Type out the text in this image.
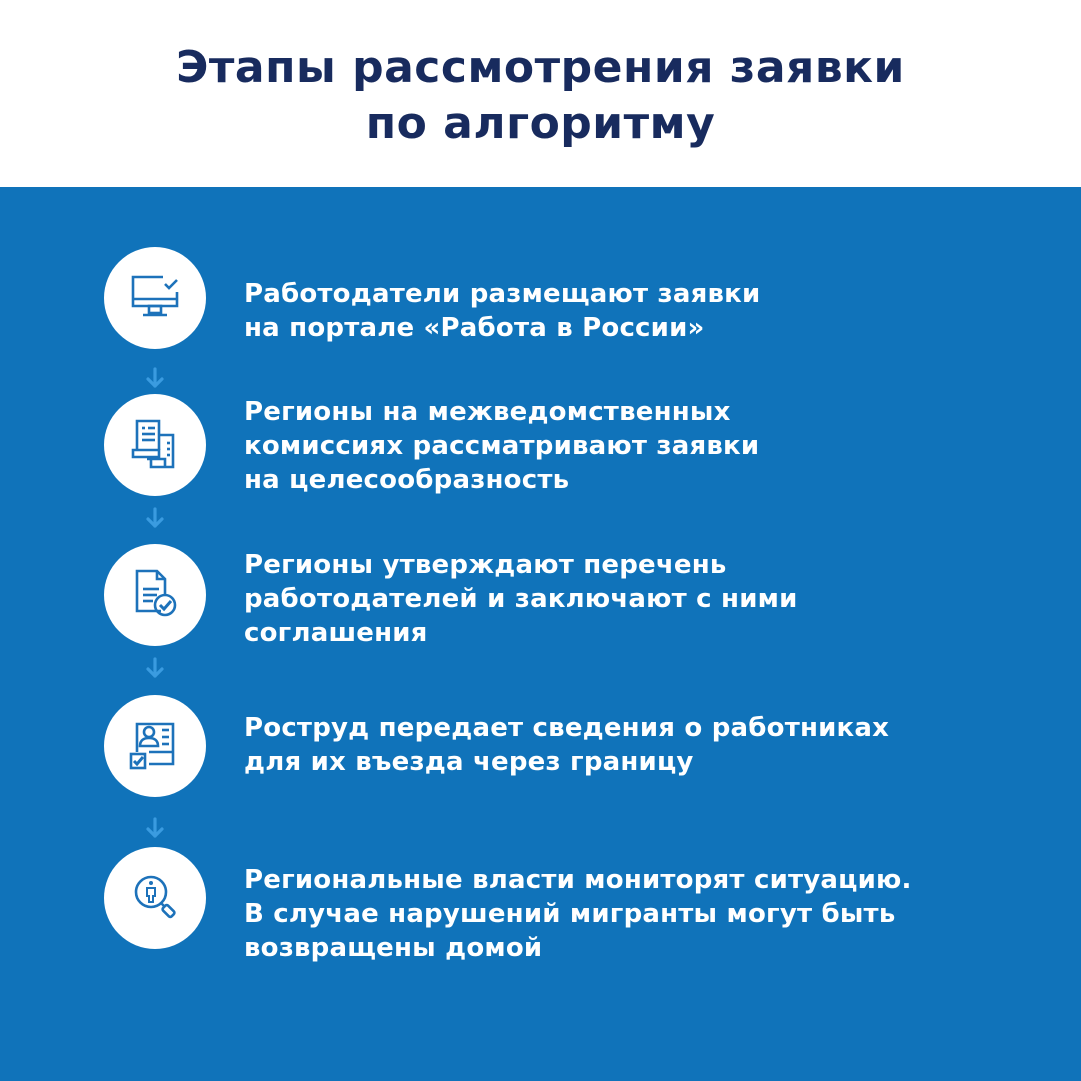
Этапы рассмотрения заявки
по алгоритму
Работодатели размещают заявки
на портале «Работа в России»
Регионы на межведомственных
комиссиях рассматривают заявки
на целесообразность
Регионы утверждают перечень
работодателей и заключают с ними
соглашения
Роструд передает сведения о работниках
для их въезда через границу
Региональные власти мониторят ситуацию.
В случае нарушений мигранты могут быть
возвращены домой
